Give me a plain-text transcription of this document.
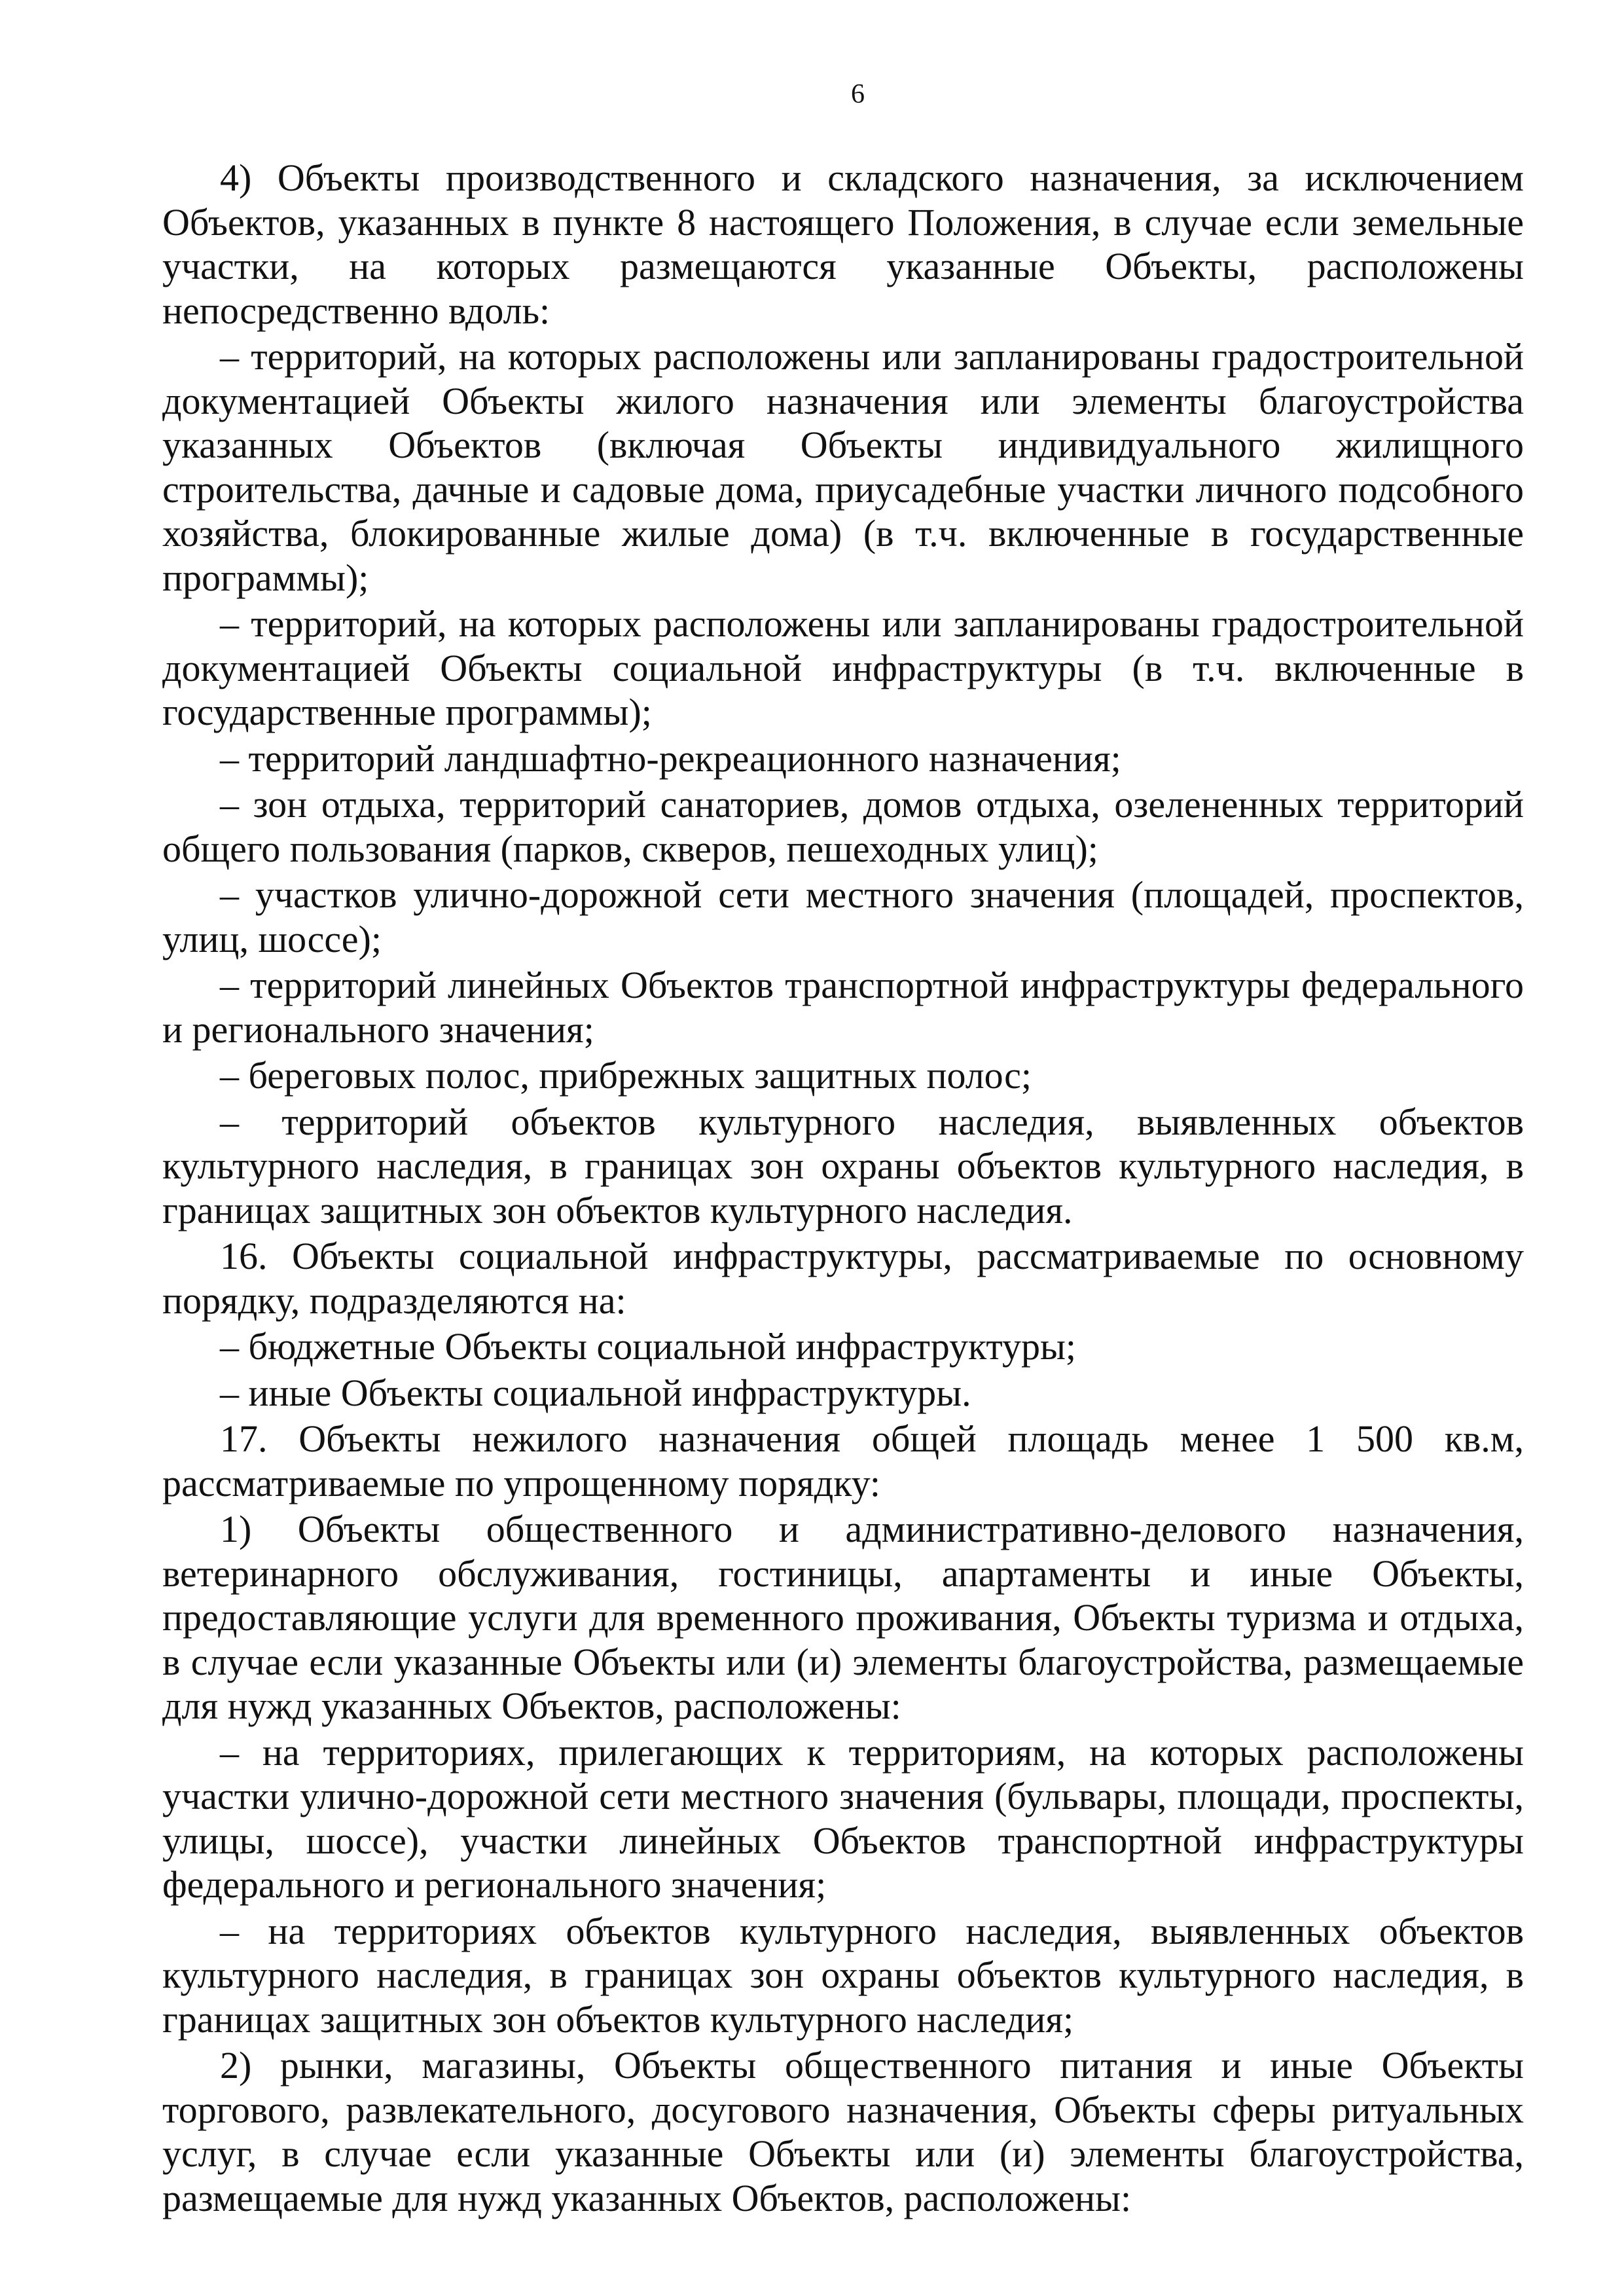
6

4) Объекты производственного и складского назначения, за исключением Объектов, указанных в пункте 8 настоящего Положения, в случае если земельные участки, на которых размещаются указанные Объекты, расположены непосредственно вдоль:

– территорий, на которых расположены или запланированы градостроительной документацией Объекты жилого назначения или элементы благоустройства указанных Объектов (включая Объекты индивидуального жилищного строительства, дачные и садовые дома, приусадебные участки личного подсобного хозяйства, блокированные жилые дома) (в т.ч. включенные в государственные программы);

– территорий, на которых расположены или запланированы градостроительной документацией Объекты социальной инфраструктуры (в т.ч. включенные в государственные программы);

– территорий ландшафтно-рекреационного назначения;

– зон отдыха, территорий санаториев, домов отдыха, озелененных территорий общего пользования (парков, скверов, пешеходных улиц);

– участков улично-дорожной сети местного значения (площадей, проспектов, улиц, шоссе);

– территорий линейных Объектов транспортной инфраструктуры федерального и регионального значения;

– береговых полос, прибрежных защитных полос;

– территорий объектов культурного наследия, выявленных объектов культурного наследия, в границах зон охраны объектов культурного наследия, в границах защитных зон объектов культурного наследия.

16. Объекты социальной инфраструктуры, рассматриваемые по основному порядку, подразделяются на:

– бюджетные Объекты социальной инфраструктуры;

– иные Объекты социальной инфраструктуры.

17. Объекты нежилого назначения общей площадь менее 1 500 кв.м, рассматриваемые по упрощенному порядку:

1) Объекты общественного и административно-делового назначения, ветеринарного обслуживания, гостиницы, апартаменты и иные Объекты, предоставляющие услуги для временного проживания, Объекты туризма и отдыха, в случае если указанные Объекты или (и) элементы благоустройства, размещаемые для нужд указанных Объектов, расположены:

– на территориях, прилегающих к территориям, на которых расположены участки улично-дорожной сети местного значения (бульвары, площади, проспекты, улицы, шоссе), участки линейных Объектов транспортной инфраструктуры федерального и регионального значения;

– на территориях объектов культурного наследия, выявленных объектов культурного наследия, в границах зон охраны объектов культурного наследия, в границах защитных зон объектов культурного наследия;

2) рынки, магазины, Объекты общественного питания и иные Объекты торгового, развлекательного, досугового назначения, Объекты сферы ритуальных услуг, в случае если указанные Объекты или (и) элементы благоустройства, размещаемые для нужд указанных Объектов, расположены:
